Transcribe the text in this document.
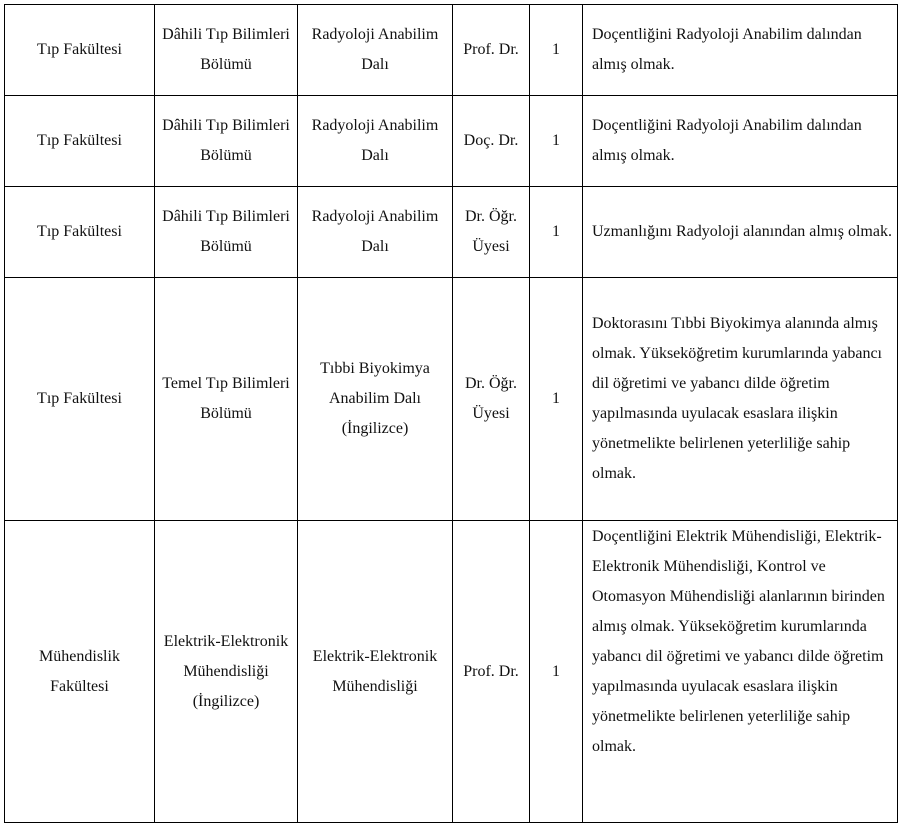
Tıp Fakültesi	Dâhili Tıp Bilimleri Bölümü	Radyoloji Anabilim Dalı	Prof. Dr.	1	Doçentliğini Radyoloji Anabilim dalından almış olmak.
Tıp Fakültesi	Dâhili Tıp Bilimleri Bölümü	Radyoloji Anabilim Dalı	Doç. Dr.	1	Doçentliğini Radyoloji Anabilim dalından almış olmak.
Tıp Fakültesi	Dâhili Tıp Bilimleri Bölümü	Radyoloji Anabilim Dalı	Dr. Öğr. Üyesi	1	Uzmanlığını Radyoloji alanından almış olmak.
Tıp Fakültesi	Temel Tıp Bilimleri Bölümü	Tıbbi Biyokimya Anabilim Dalı (İngilizce)	Dr. Öğr. Üyesi	1	Doktorasını Tıbbi Biyokimya alanında almış olmak. Yükseköğretim kurumlarında yabancı dil öğretimi ve yabancı dilde öğretim yapılmasında uyulacak esaslara ilişkin yönetmelikte belirlenen yeterliliğe sahip olmak.
Mühendislik Fakültesi	Elektrik-Elektronik Mühendisliği (İngilizce)	Elektrik-Elektronik Mühendisliği	Prof. Dr.	1	Doçentliğini Elektrik Mühendisliği, Elektrik-Elektronik Mühendisliği, Kontrol ve Otomasyon Mühendisliği alanlarının birinden almış olmak. Yükseköğretim kurumlarında yabancı dil öğretimi ve yabancı dilde öğretim yapılmasında uyulacak esaslara ilişkin yönetmelikte belirlenen yeterliliğe sahip olmak.
